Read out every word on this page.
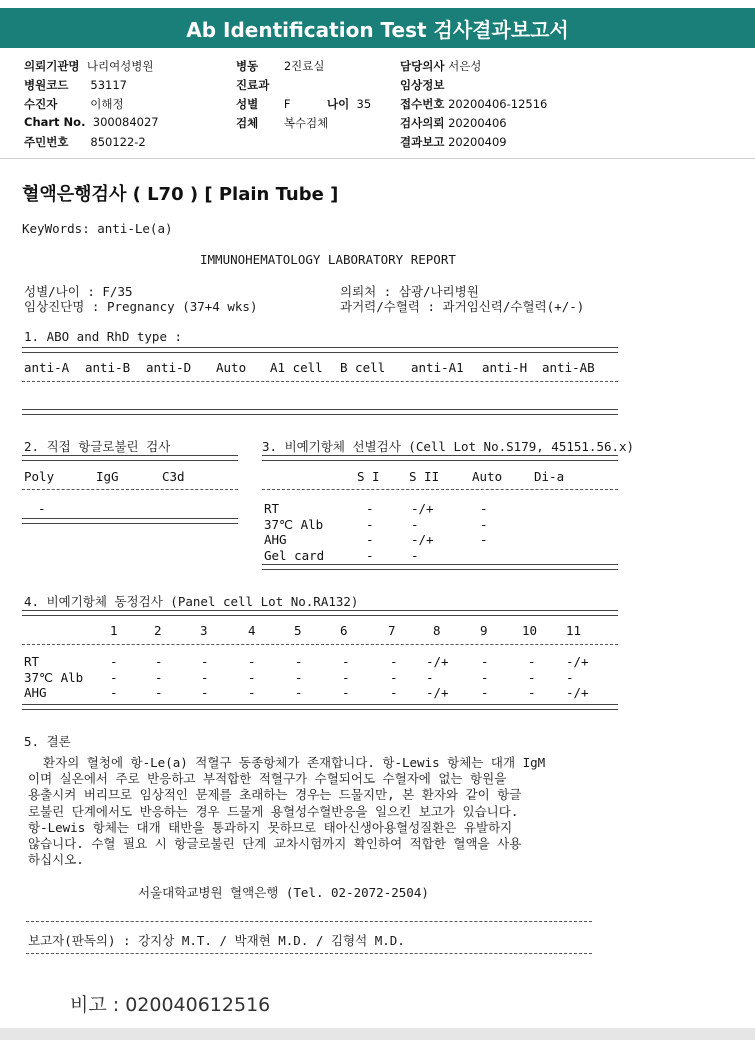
Ab Identification Test 검사결과보고서
의뢰기관명 나리여성병원
병원코드 53117
수진자	이해정
Chart No. 300084027
주민번호 850122-2
병동 2진료실
진료과
성별 F	나이 35
검체 복수검체
담당의사 서은성
임상정보
접수번호 20200406-12516
검사의뢰 20200406
결과보고 20200409
혈액은행검사 ( L70 ) [ Plain Tube ]
KeyWords: anti-Le(a)
IMMUNOHEMATOLOGY LABORATORY REPORT
성별/나이 : F/35
임상진단명 : Pregnancy (37+4 wks)
의뢰처 : 삼광/나리병원
과거력/수혈력 : 과거임신력/수혈력(+/-)
1. ABO and RhD type :
anti-A anti-B anti-D Auto A1 cell B cell anti-A1 anti-H anti-AB
2. 직접 항글로불린 검사
Poly	IgG	C3d
-
3. 비예기항체 선별검사 (Cell Lot No.S179, 45151.56.x)
S I S II	Auto	Di-a
RT	-	-/+	-
37℃ Alb	-	-	-
AHG	-	-/+	-
Gel card	-	-
4. 비예기항체 동정검사 (Panel cell Lot No.RA132)
1	2	3	4	5	6	7	8	9	10 11
RT	-	-	-	-	-	-	- -/+	-	- -/+
37℃ Alb -	-	-	-	-	-	- -	-	- -
AHG	-	-	-	-	-	-	- -/+	-	- -/+
5. 결론
환자의 혈청에 항-Le(a) 적혈구 동종항체가 존재합니다. 항-Lewis 항체는 대개 IgM
이며 실온에서 주로 반응하고 부적합한 적혈구가 수혈되어도 수혈자에 없는 항원을
용출시켜 버리므로 임상적인 문제를 초래하는 경우는 드물지만, 본 환자와 같이 항글
로불린 단계에서도 반응하는 경우 드물게 용혈성수혈반응을 일으킨 보고가 있습니다.
항-Lewis 항체는 대개 태반을 통과하지 못하므로 태아신생아용혈성질환은 유발하지
않습니다. 수혈 필요 시 항글로불린 단계 교차시험까지 확인하여 적합한 혈액을 사용
하십시오.
서울대학교병원 혈액은행 (Tel. 02-2072-2504)
보고자(판독의) : 강지상 M.T. / 박재현 M.D. / 김형석 M.D.
비고 : 020040612516
